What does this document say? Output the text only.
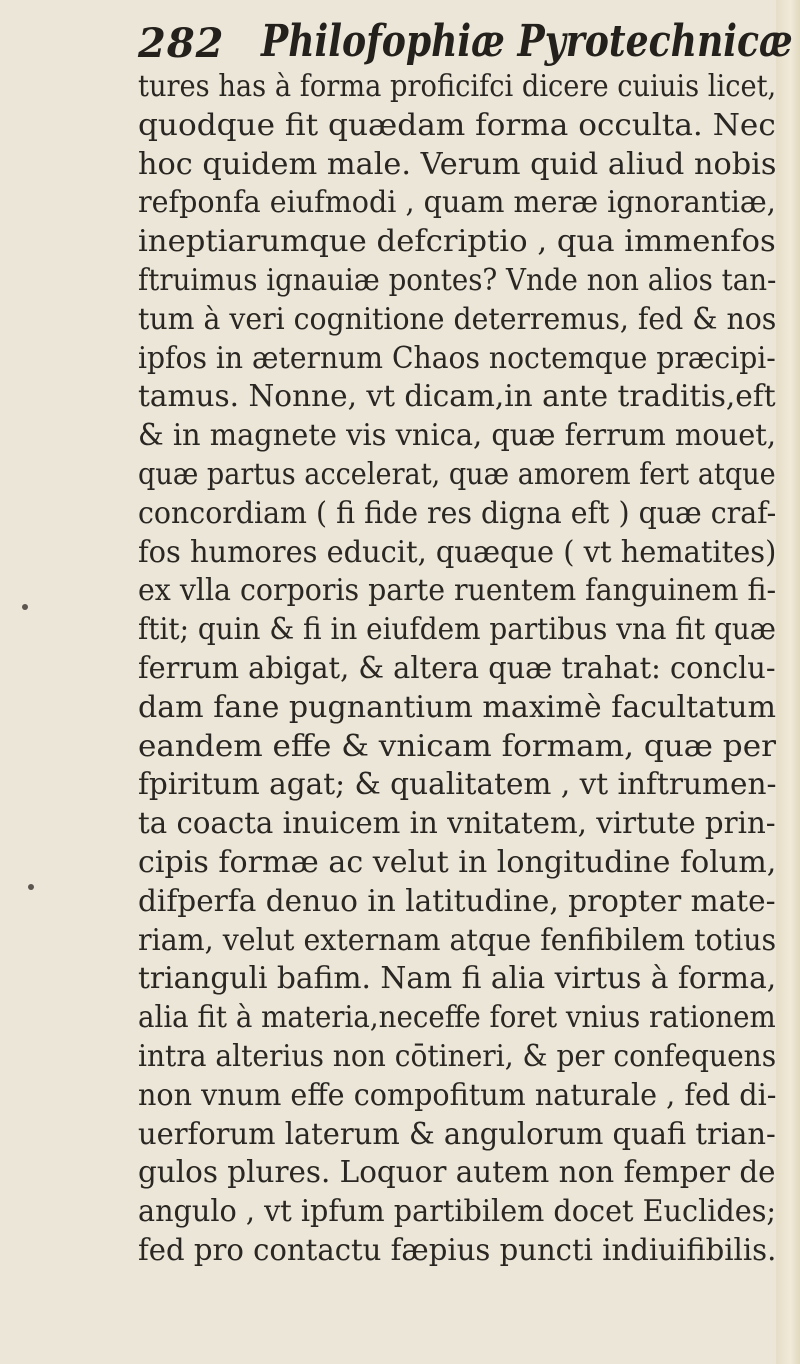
282 Philofophiæ Pyrotechnicæ
tures has à forma proficifci dicere cuiuis licet,
quodque fit quædam forma occulta. Nec
hoc quidem male. Verum quid aliud nobis
refponfa eiufmodi , quam meræ ignorantiæ,
ineptiarumque defcriptio , qua immenfos
ftruimus ignauiæ pontes? Vnde non alios tan-
tum à veri cognitione deterremus, fed & nos
ipfos in æternum Chaos noctemque præcipi-
tamus. Nonne, vt dicam,in ante traditis,eft
& in magnete vis vnica, quæ ferrum mouet,
quæ partus accelerat, quæ amorem fert atque
concordiam ( fi fide res digna eft ) quæ craf-
fos humores educit, quæque ( vt hematites)
ex vlla corporis parte ruentem fanguinem fi-
ftit; quin & fi in eiufdem partibus vna fit quæ
ferrum abigat, & altera quæ trahat: conclu-
dam fane pugnantium maximè facultatum
eandem effe & vnicam formam, quæ per
fpiritum agat; & qualitatem , vt inftrumen-
ta coacta inuicem in vnitatem, virtute prin-
cipis formæ ac velut in longitudine folum,
difperfa denuo in latitudine, propter mate-
riam, velut externam atque fenfibilem totius
trianguli bafim. Nam fi alia virtus à forma,
alia fit à materia,neceffe foret vnius rationem
intra alterius non cōtineri, & per confequens
non vnum effe compofitum naturale , fed di-
uerforum laterum & angulorum quafi trian-
gulos plures. Loquor autem non femper de
angulo , vt ipfum partibilem docet Euclides;
fed pro contactu fæpius puncti indiuifibilis.
